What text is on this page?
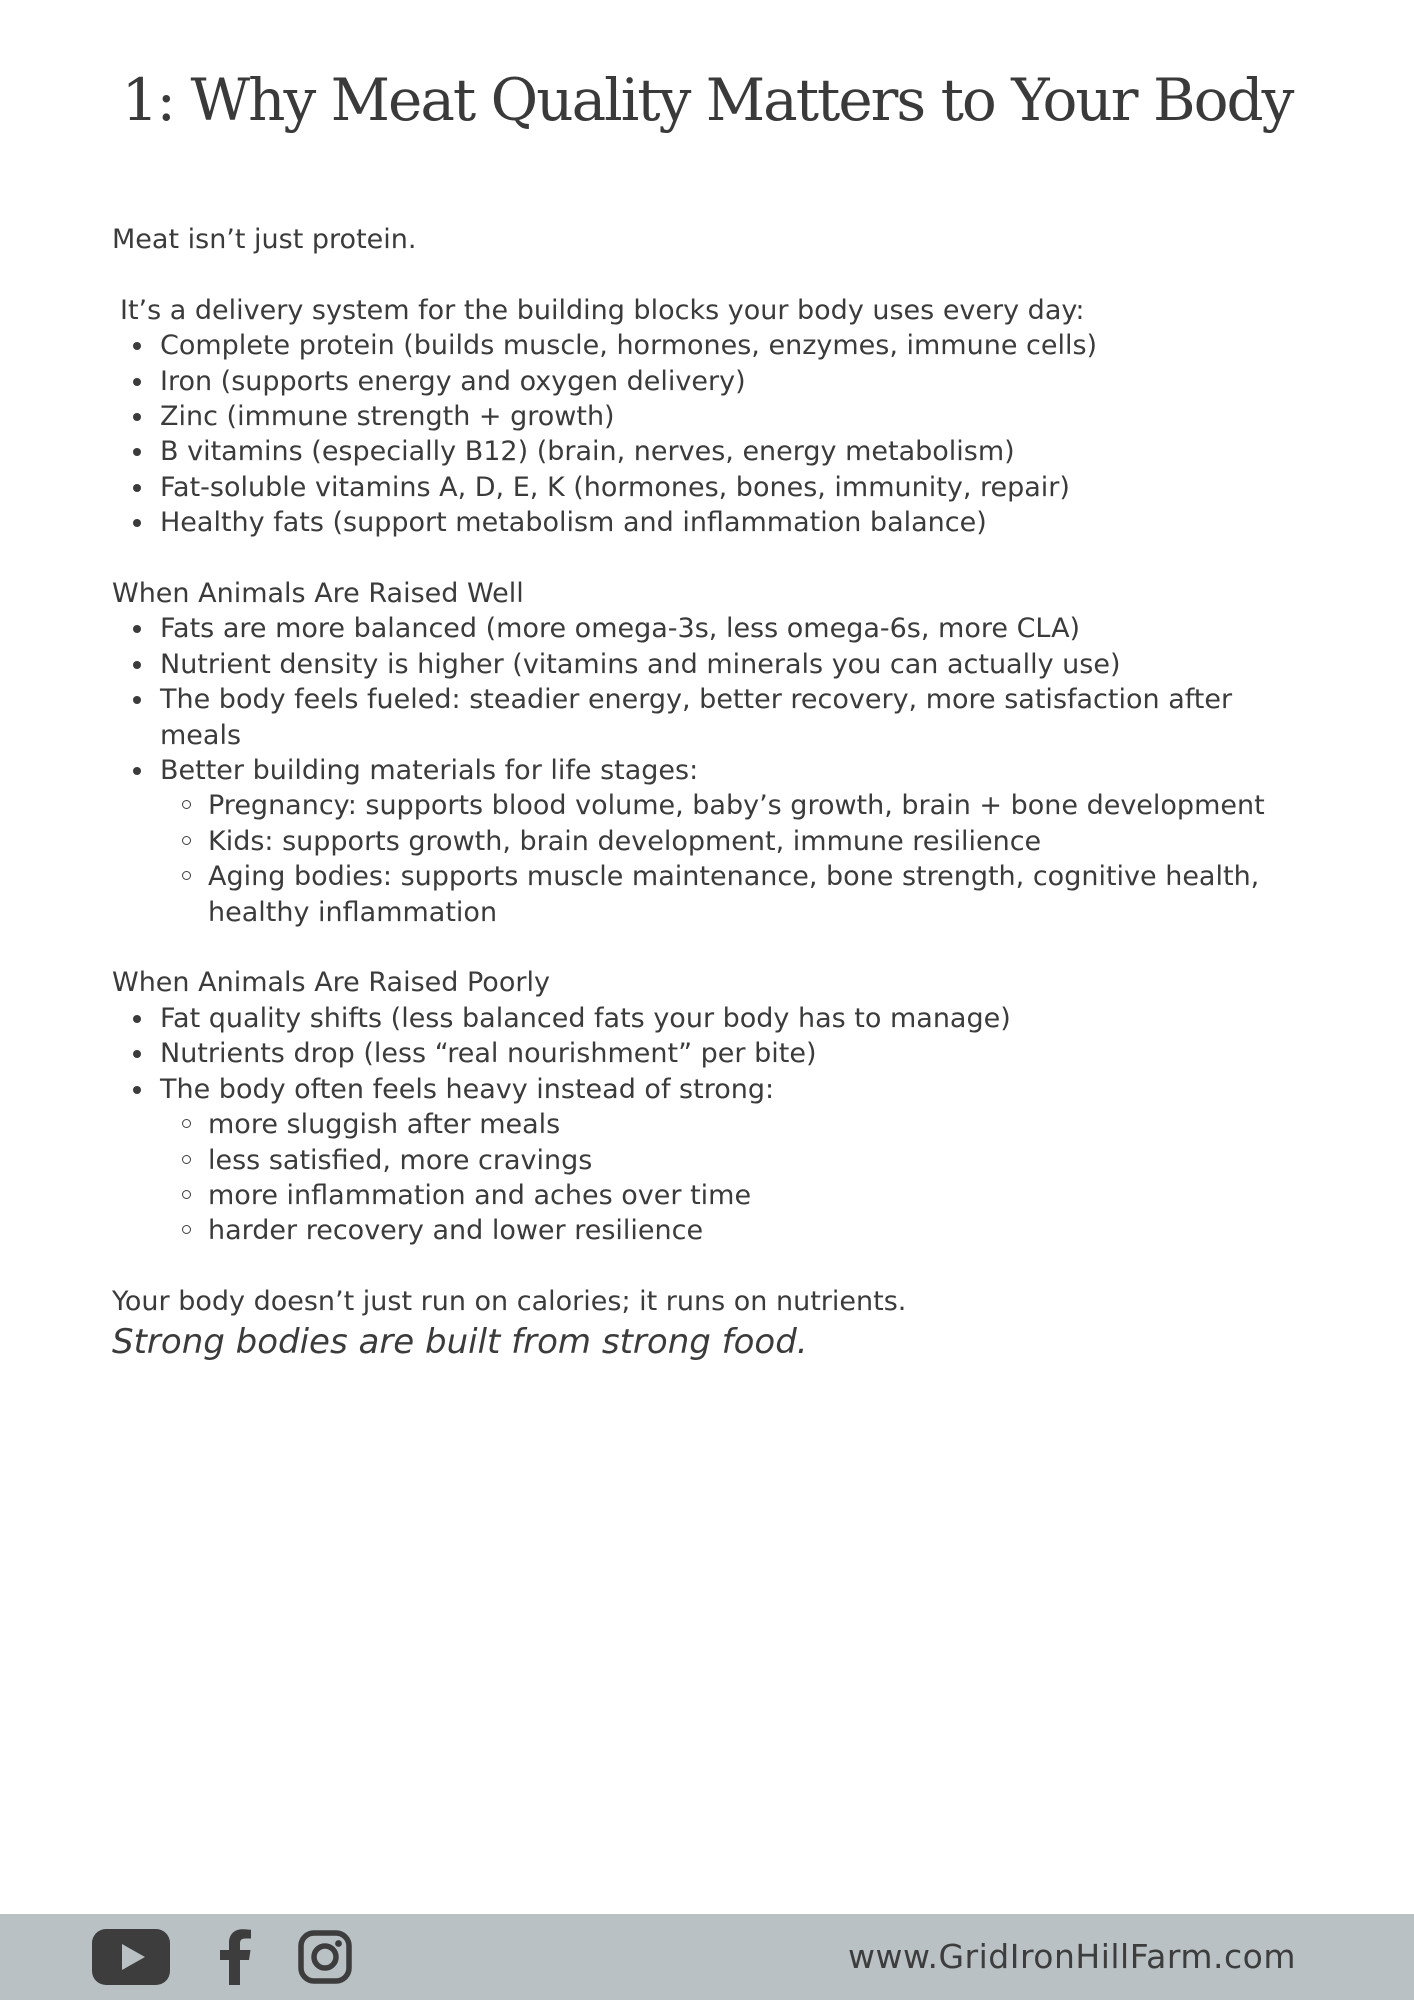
1: Why Meat Quality Matters to Your Body

Meat isn’t just protein.

It’s a delivery system for the building blocks your body uses every day:

Complete protein (builds muscle, hormones, enzymes, immune cells)
Iron (supports energy and oxygen delivery)
Zinc (immune strength + growth)
B vitamins (especially B12) (brain, nerves, energy metabolism)
Fat-soluble vitamins A, D, E, K (hormones, bones, immunity, repair)
Healthy fats (support metabolism and inflammation balance)

When Animals Are Raised Well

Fats are more balanced (more omega-3s, less omega-6s, more CLA)
Nutrient density is higher (vitamins and minerals you can actually use)
The body feels fueled: steadier energy, better recovery, more satisfaction after meals
Better building materials for life stages:
Pregnancy: supports blood volume, baby’s growth, brain + bone development
Kids: supports growth, brain development, immune resilience
Aging bodies: supports muscle maintenance, bone strength, cognitive health, healthy inflammation

When Animals Are Raised Poorly

Fat quality shifts (less balanced fats your body has to manage)
Nutrients drop (less “real nourishment” per bite)
The body often feels heavy instead of strong:
more sluggish after meals
less satisfied, more cravings
more inflammation and aches over time
harder recovery and lower resilience

Your body doesn’t just run on calories; it runs on nutrients.

Strong bodies are built from strong food.

www.GridIronHillFarm.com
